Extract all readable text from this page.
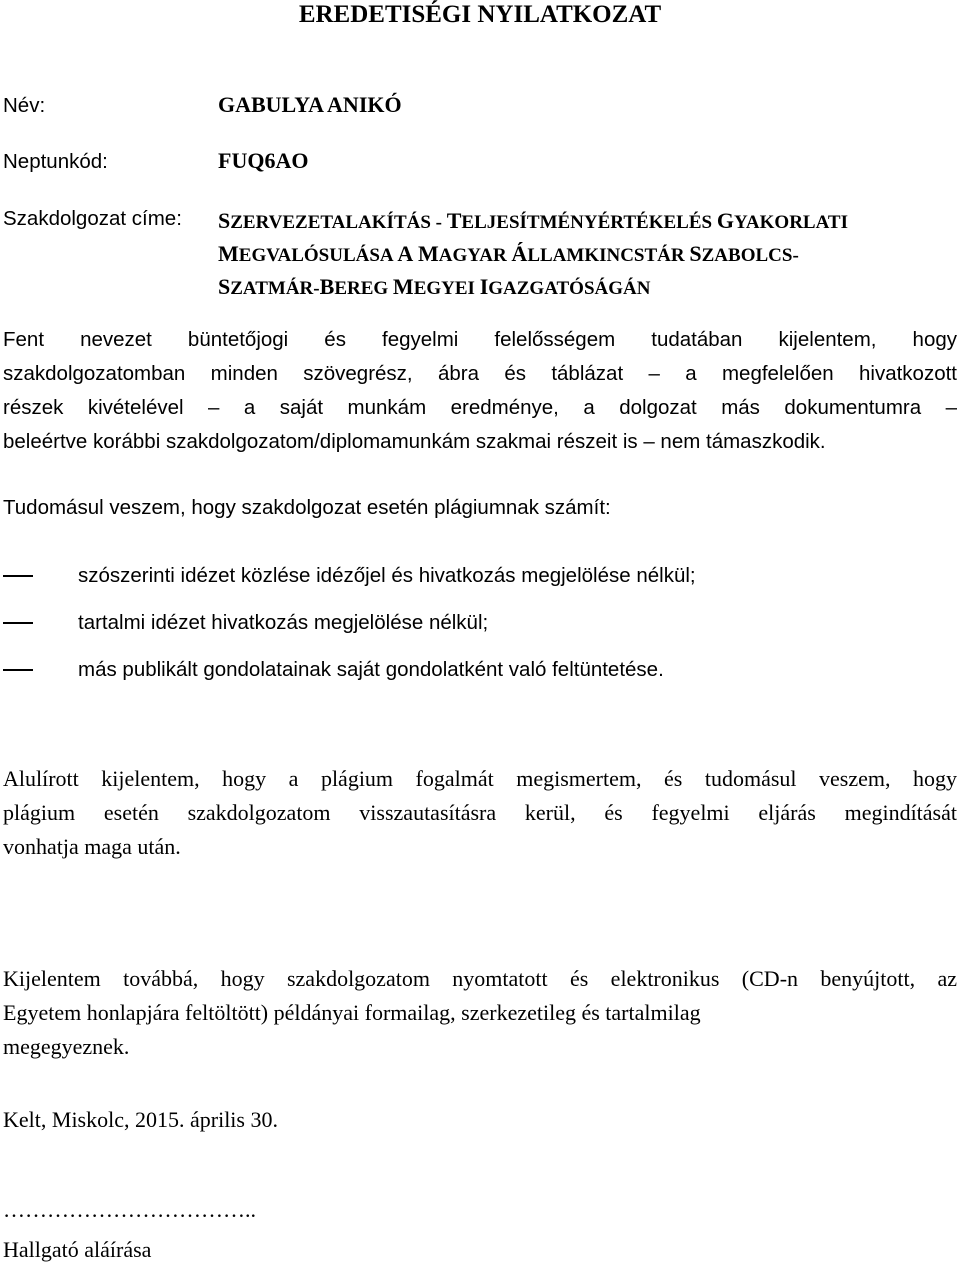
EREDETISÉGI NYILATKOZAT
Név:	GABULYA ANIKÓ
Neptunkód:	FUQ6AO
Szakdolgozat címe: SZERVEZETALAKÍTÁS - TELJESÍTMÉNYÉRTÉKELÉS GYAKORLATI
MEGVALÓSULÁSA A MAGYAR ÁLLAMKINCSTÁR SZABOLCS-
SZATMÁR-BEREG MEGYEI IGAZGATÓSÁGÁN
Fent nevezet büntetőjogi és fegyelmi felelősségem tudatában kijelentem, hogy
szakdolgozatomban minden szövegrész, ábra és táblázat – a megfelelően hivatkozott
részek kivételével – a saját munkám eredménye, a dolgozat más dokumentumra –
beleértve korábbi szakdolgozatom/diplomamunkám szakmai részeit is – nem támaszkodik.
Tudomásul veszem, hogy szakdolgozat esetén plágiumnak számít:
szószerinti idézet közlése idézőjel és hivatkozás megjelölése nélkül;
tartalmi idézet hivatkozás megjelölése nélkül;
más publikált gondolatainak saját gondolatként való feltüntetése.
Alulírott kijelentem, hogy a plágium fogalmát megismertem, és tudomásul veszem, hogy
plágium esetén szakdolgozatom visszautasításra kerül, és fegyelmi eljárás megindítását
vonhatja maga után.
Kijelentem továbbá, hogy szakdolgozatom nyomtatott és elektronikus (CD-n benyújtott, az
Egyetem honlapjára feltöltött) példányai formailag, szerkezetileg és tartalmilag
megegyeznek.
Kelt, Miskolc, 2015. április 30.
……………………………..
Hallgató aláírása
